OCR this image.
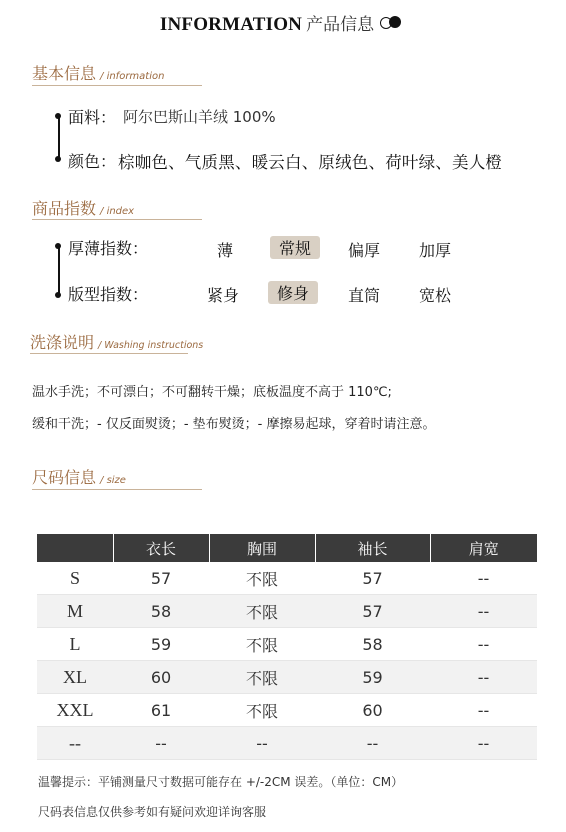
INFORMATION 产品信息
基本信息 / information
面料： 阿尔巴斯山羊绒 100%
颜色： 棕咖色、气质黑、暖云白、原绒色、荷叶绿、美人橙
商品指数 / index
厚薄指数：	薄	常规	偏厚 加厚
版型指数：	紧身	修身	直筒 宽松
洗涤说明 / Washing instructions
温水手洗；不可漂白；不可翻转干燥；底板温度不高于 110℃;
缓和干洗；- 仅反面熨烫；- 垫布熨烫；- 摩擦易起球，穿着时请注意。
尺码信息 / size
	衣长	胸围	袖长	肩宽
S	57	不限	57	--
M	58	不限	57	--
L	59	不限	58	--
XL	60	不限	59	--
XXL	61	不限	60	--
--	--	--	--	--
温馨提示：平铺测量尺寸数据可能存在 +/-2CM 误差。（单位：CM）
尺码表信息仅供参考如有疑问欢迎详询客服
